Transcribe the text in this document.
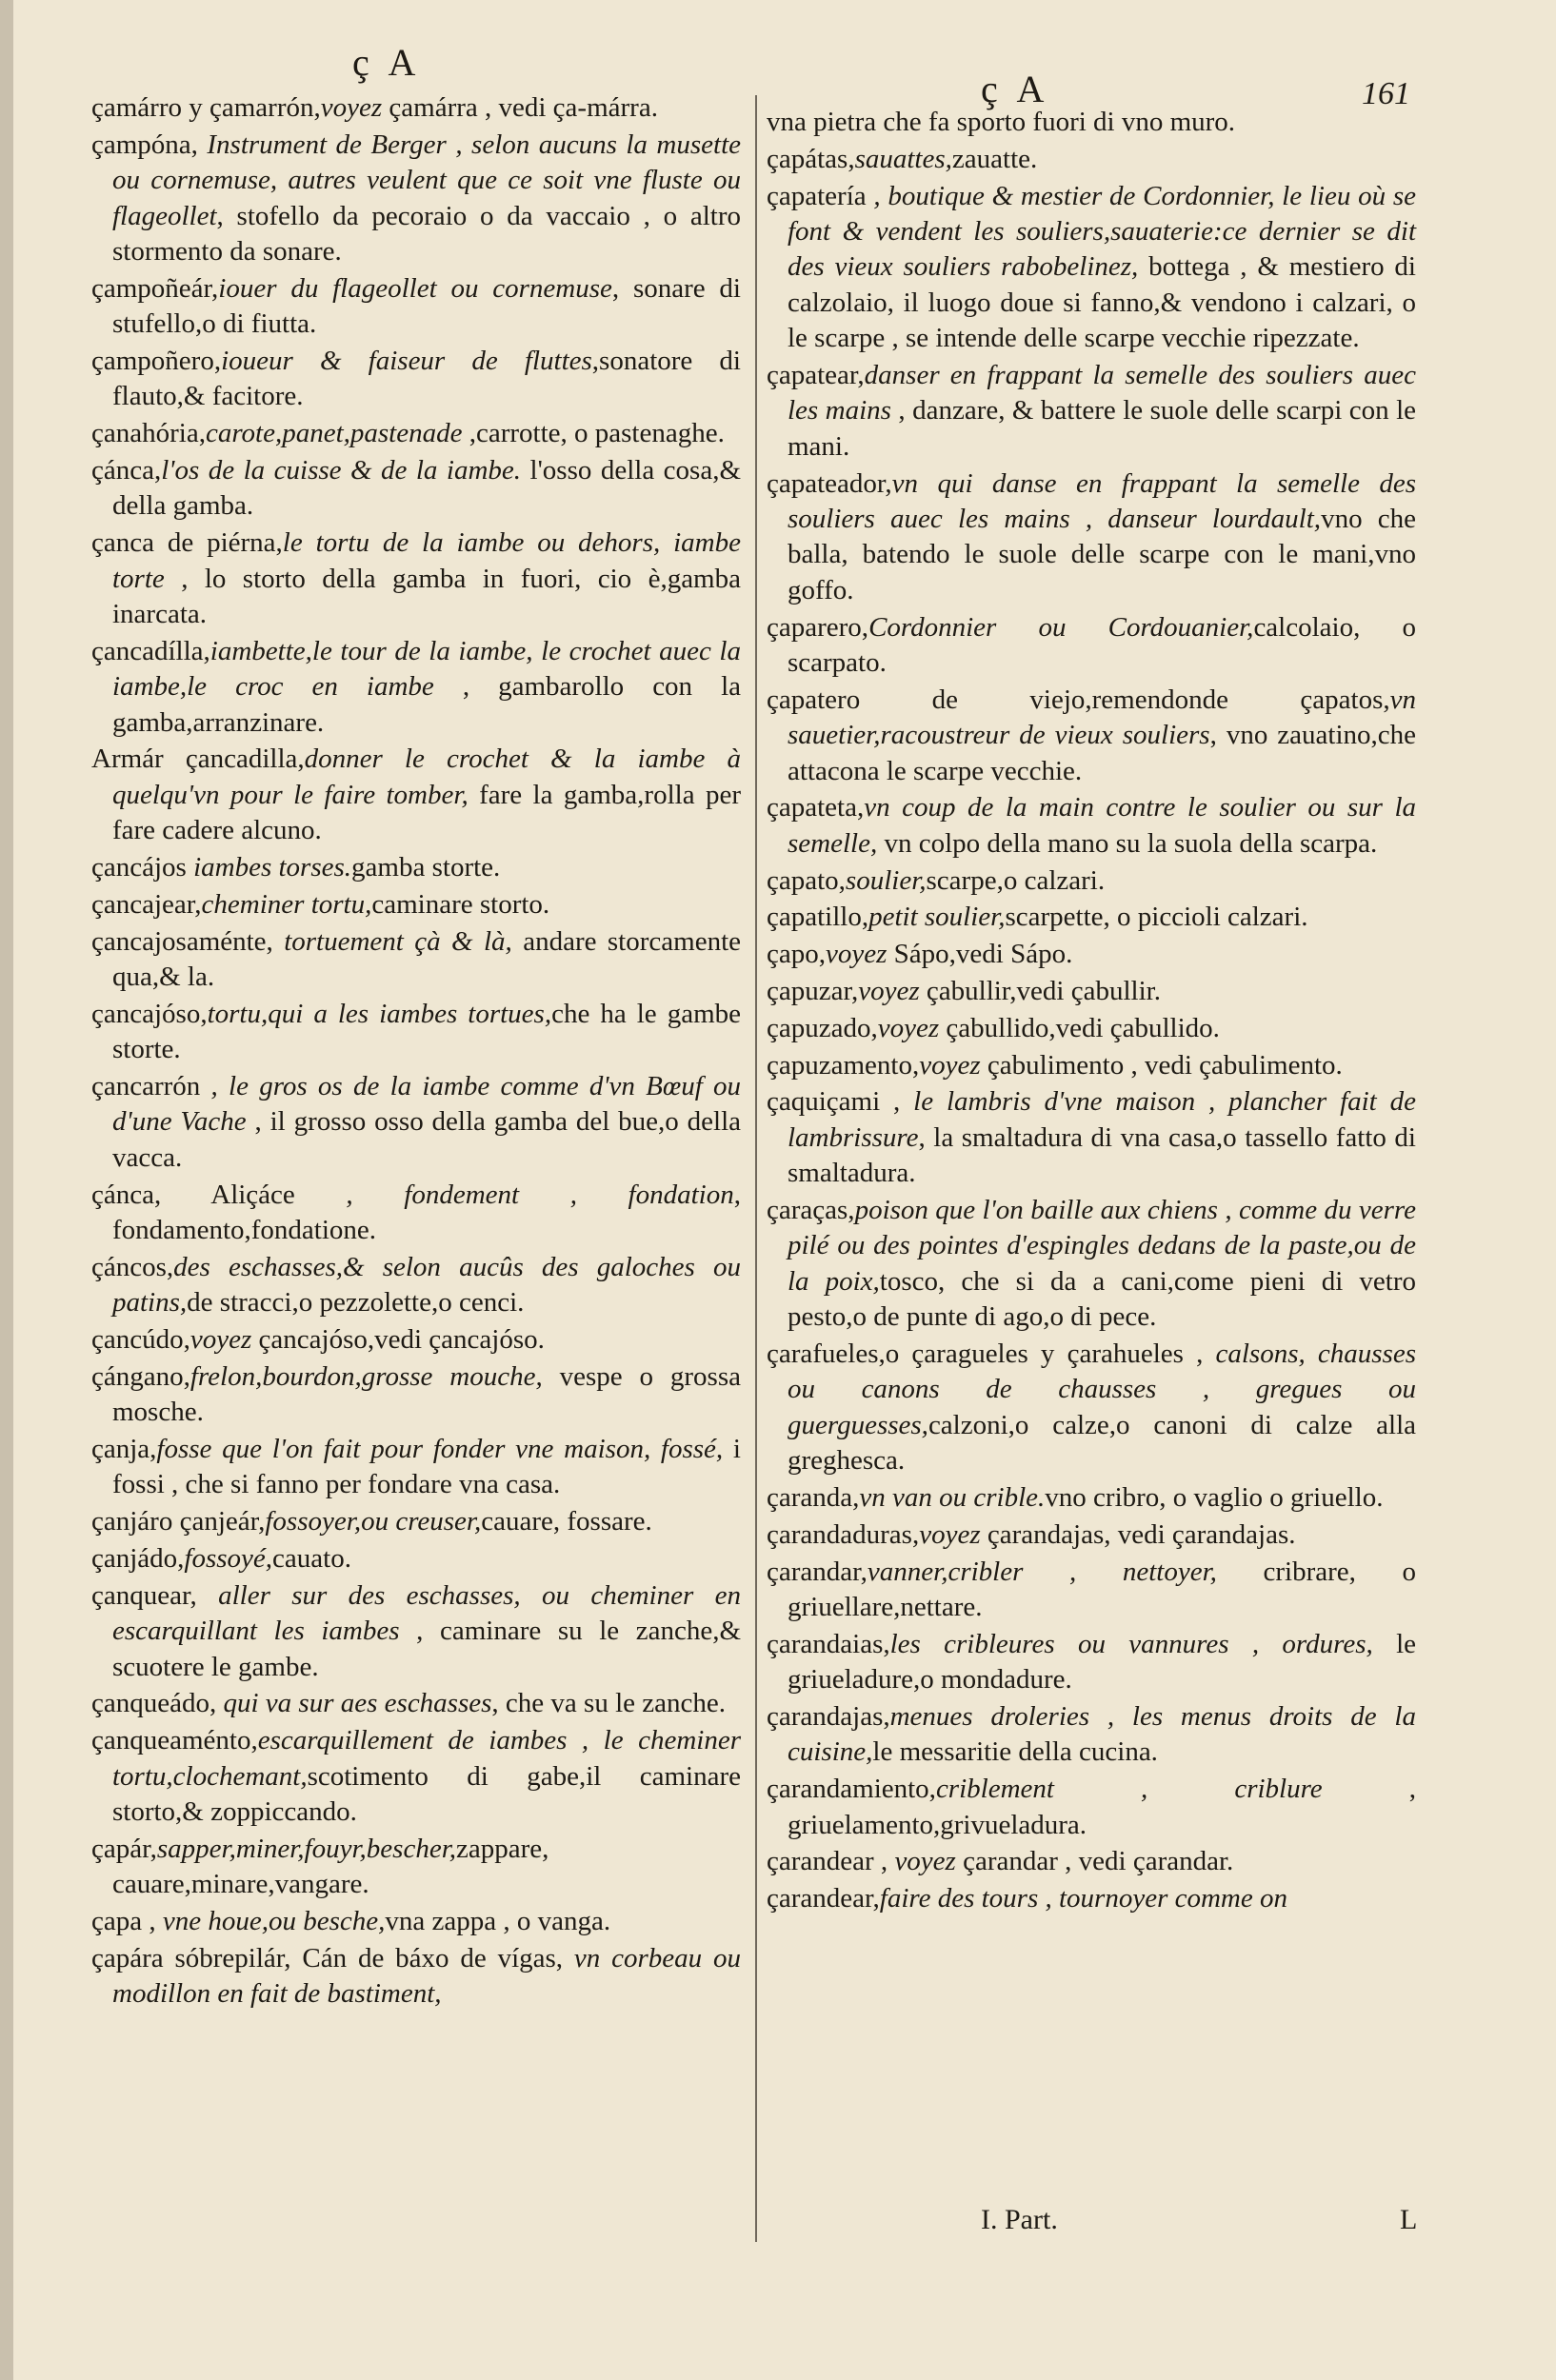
ç A
ç A	161
çamárro y çamarrón,voyez çamárra , vedi ça-márra.
çampóna, Instrument de Berger , selon aucuns la musette ou cornemuse, autres veulent que ce soit vne fluste ou flageollet, stofello da pecoraio o da vaccaio , o altro stormento da sonare.
çampoñeár,iouer du flageollet ou cornemuse, sonare di stufello,o di fiutta.
çampoñero,ioueur & faiseur de fluttes,sonatore di flauto,& facitore.
çanahória,carote,panet,pastenade ,carrotte, o pastenaghe.
çánca,l'os de la cuisse & de la iambe. l'osso della cosa,& della gamba.
çanca de piérna,le tortu de la iambe ou dehors, iambe torte , lo storto della gamba in fuori, cio è,gamba inarcata.
çancadílla,iambette,le tour de la iambe, le crochet auec la iambe,le croc en iambe , gambarollo con la gamba,arranzinare.
Armár çancadilla,donner le crochet & la iambe à quelqu'vn pour le faire tomber, fare la gamba,rolla per fare cadere alcuno.
çancájos iambes torses.gamba storte.
çancajear,cheminer tortu,caminare storto.
çancajosaménte, tortuement çà & là, andare storcamente qua,& la.
çancajóso,tortu,qui a les iambes tortues,che ha le gambe storte.
çancarrón , le gros os de la iambe comme d'vn Bœuf ou d'une Vache , il grosso osso della gamba del bue,o della vacca.
çánca, Aliçáce , fondement , fondation, fondamento,fondatione.
çáncos,des eschasses,& selon aucûs des galoches ou patins,de stracci,o pezzolette,o cenci.
çancúdo,voyez çancajóso,vedi çancajóso.
çángano,frelon,bourdon,grosse mouche, vespe o grossa mosche.
çanja,fosse que l'on fait pour fonder vne maison, fossé, i fossi , che si fanno per fondare vna casa.
çanjáro çanjeár,fossoyer,ou creuser,cauare, fossare.
çanjádo,fossoyé,cauato.
çanquear, aller sur des eschasses, ou cheminer en escarquillant les iambes , caminare su le zanche,& scuotere le gambe.
çanqueádo, qui va sur aes eschasses, che va su le zanche.
çanqueaménto,escarquillement de iambes , le cheminer tortu,clochemant,scotimento di gabe,il caminare storto,& zoppiccando.
çapár,sapper,miner,fouyr,bescher,zappare, cauare,minare,vangare.
çapa , vne houe,ou besche,vna zappa , o vanga.
çapára sóbrepilár, Cán de báxo de vígas, vn corbeau ou modillon en fait de bastiment,
vna pietra che fa sporto fuori di vno muro.
çapátas,sauattes,zauatte.
çapatería , boutique & mestier de Cordonnier, le lieu où se font & vendent les souliers,sauaterie:ce dernier se dit des vieux souliers rabobelinez, bottega , & mestiero di calzolaio, il luogo doue si fanno,& vendono i calzari, o le scarpe , se intende delle scarpe vecchie ripezzate.
çapatear,danser en frappant la semelle des souliers auec les mains , danzare, & battere le suole delle scarpi con le mani.
çapateador,vn qui danse en frappant la semelle des souliers auec les mains , danseur lourdault,vno che balla, batendo le suole delle scarpe con le mani,vno goffo.
çaparero,Cordonnier ou Cordouanier,calcolaio, o scarpato.
çapatero de viejo,remendonde çapatos,vn sauetier,racoustreur de vieux souliers, vno zauatino,che attacona le scarpe vecchie.
çapateta,vn coup de la main contre le soulier ou sur la semelle, vn colpo della mano su la suola della scarpa.
çapato,soulier,scarpe,o calzari.
çapatillo,petit soulier,scarpette, o piccioli calzari.
çapo,voyez Sápo,vedi Sápo.
çapuzar,voyez çabullir,vedi çabullir.
çapuzado,voyez çabullido,vedi çabullido.
çapuzamento,voyez çabulimento , vedi çabulimento.
çaquiçami , le lambris d'vne maison , plancher fait de lambrissure, la smaltadura di vna casa,o tassello fatto di smaltadura.
çaraças,poison que l'on baille aux chiens , comme du verre pilé ou des pointes d'espingles dedans de la paste,ou de la poix,tosco, che si da a cani,come pieni di vetro pesto,o de punte di ago,o di pece.
çarafueles,o çaragueles y çarahueles , calsons, chausses ou canons de chausses , gregues ou guerguesses,calzoni,o calze,o canoni di calze alla greghesca.
çaranda,vn van ou crible.vno cribro, o vaglio o griuello.
çarandaduras,voyez çarandajas, vedi çarandajas.
çarandar,vanner,cribler , nettoyer, cribrare, o griuellare,nettare.
çarandaias,les cribleures ou vannures , ordures, le griueladure,o mondadure.
çarandajas,menues droleries , les menus droits de la cuisine,le messaritie della cucina.
çarandamiento,criblement , criblure , griuelamento,grivueladura.
çarandear , voyez çarandar , vedi çarandar.
çarandear,faire des tours , tournoyer comme on
I. Part.	L
